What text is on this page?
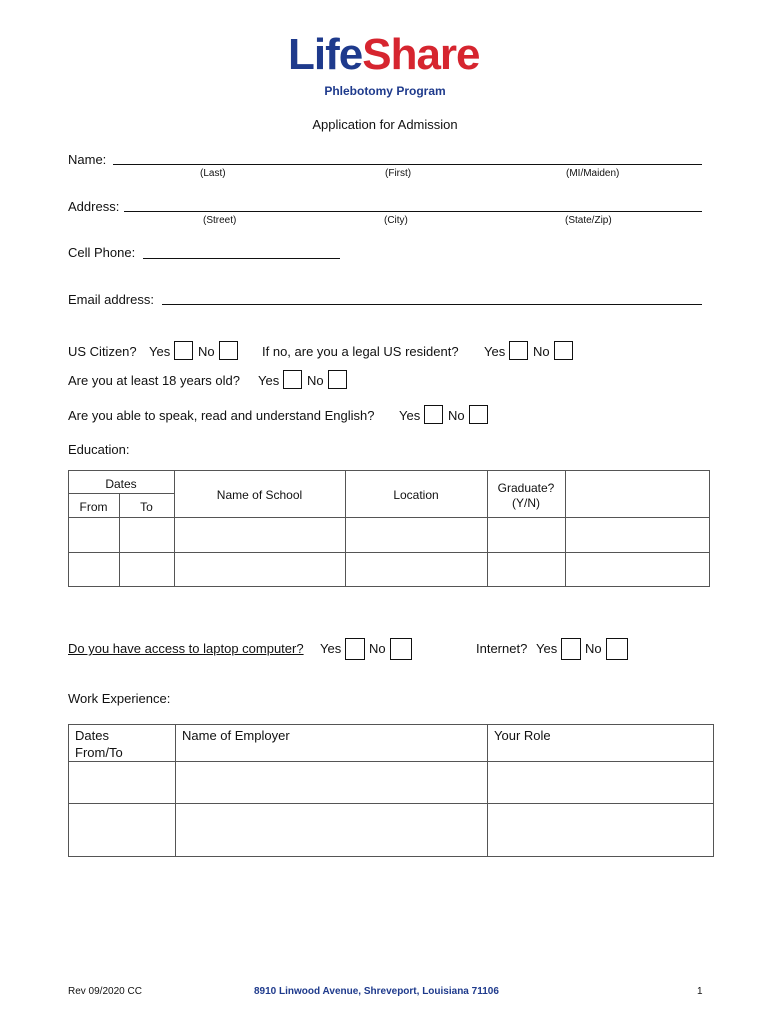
LifeShare
Phlebotomy Program
Application for Admission
Name:
(Last)	(First)	(MI/Maiden)
Address:
(Street)	(City)	(State/Zip)
Cell Phone:
Email address:
US Citizen? Yes No	If no, are you a legal US resident? Yes No
Are you at least 18 years old? Yes No
Are you able to speak, read and understand English? Yes No
Education:
Dates
From	To
Name of School	Location	Graduate?
(Y/N)
Do you have access to laptop computer? Yes No	Internet? Yes No
Work Experience:
Dates
From/To
Name of Employer	Your Role
Rev 09/2020 CC	8910 Linwood Avenue, Shreveport, Louisiana 71106	1
